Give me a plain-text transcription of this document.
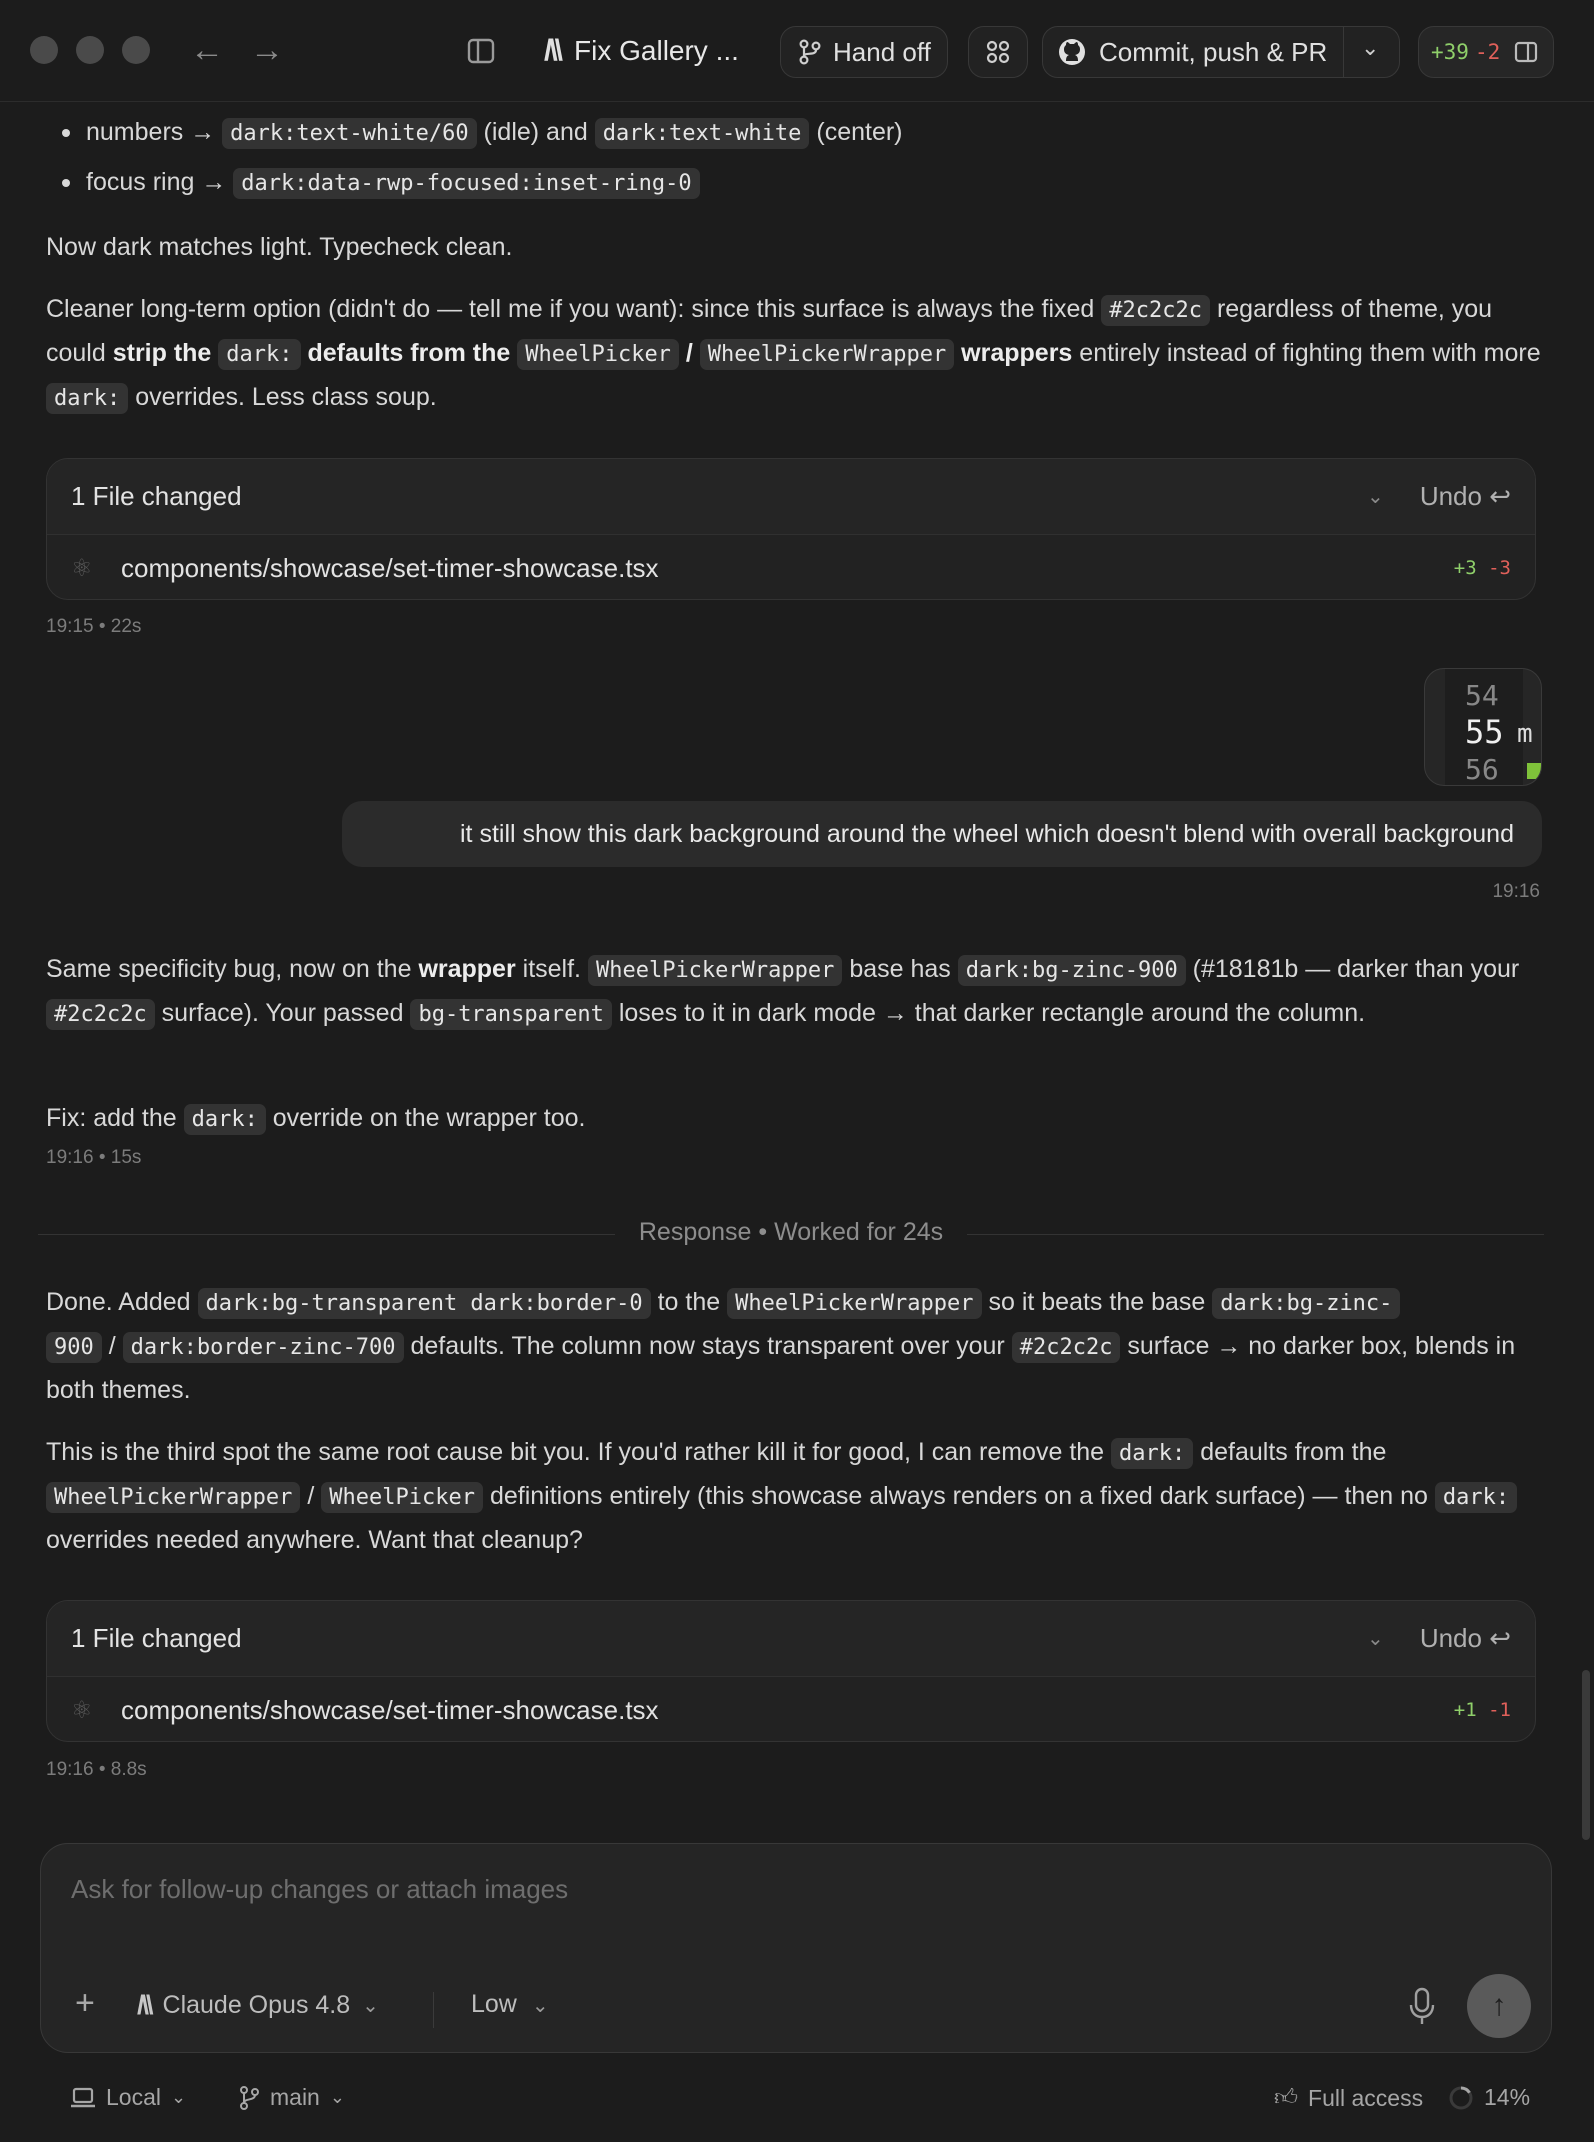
← →	/\\ Fix Gallery ...	Hand off	Commit, push & PR ⌄ +39 -2
numbers → dark:text-white/60 (idle) and dark:text-white (center)
focus ring → dark:data-rwp-focused:inset-ring-0
Now dark matches light. Typecheck clean.
Cleaner long-term option (didn't do — tell me if you want): since this surface is always the fixed #2c2c2c regardless of theme, you could strip the dark: defaults from the WheelPicker / WheelPickerWrapper wrappers entirely instead of fighting them with more dark: overrides. Less class soup.
1 File changed	⌄ Undo ↩
⚛	components/showcase/set-timer-showcase.tsx	+3 -3
19:15 • 22s
54
55
56
m
it still show this dark background around the wheel which doesn't blend with overall background
19:16
Same specificity bug, now on the wrapper itself. WheelPickerWrapper base has dark:bg-zinc-900 (#18181b — darker than your #2c2c2c surface). Your passed bg-transparent loses to it in dark mode → that darker rectangle around the column.
Fix: add the dark: override on the wrapper too.
19:16 • 15s
Response • Worked for 24s
Done. Added dark:bg-transparent dark:border-0 to the WheelPickerWrapper so it beats the base dark:bg-zinc-
900 / dark:border-zinc-700 defaults. The column now stays transparent over your #2c2c2c surface → no darker box, blends in both themes.
This is the third spot the same root cause bit you. If you'd rather kill it for good, I can remove the dark: defaults from the WheelPickerWrapper / WheelPicker definitions entirely (this showcase always renders on a fixed dark surface) — then no dark: overrides needed anywhere. Want that cleanup?
1 File changed	⌄ Undo ↩
⚛	components/showcase/set-timer-showcase.tsx	+1 -1
19:16 • 8.8s
Ask for follow-up changes or attach images
+ /\\ Claude Opus 4.8 ⌄	Low ⌄	↑
Local ⌄	main ⌄	👍︎ Full access	14%
